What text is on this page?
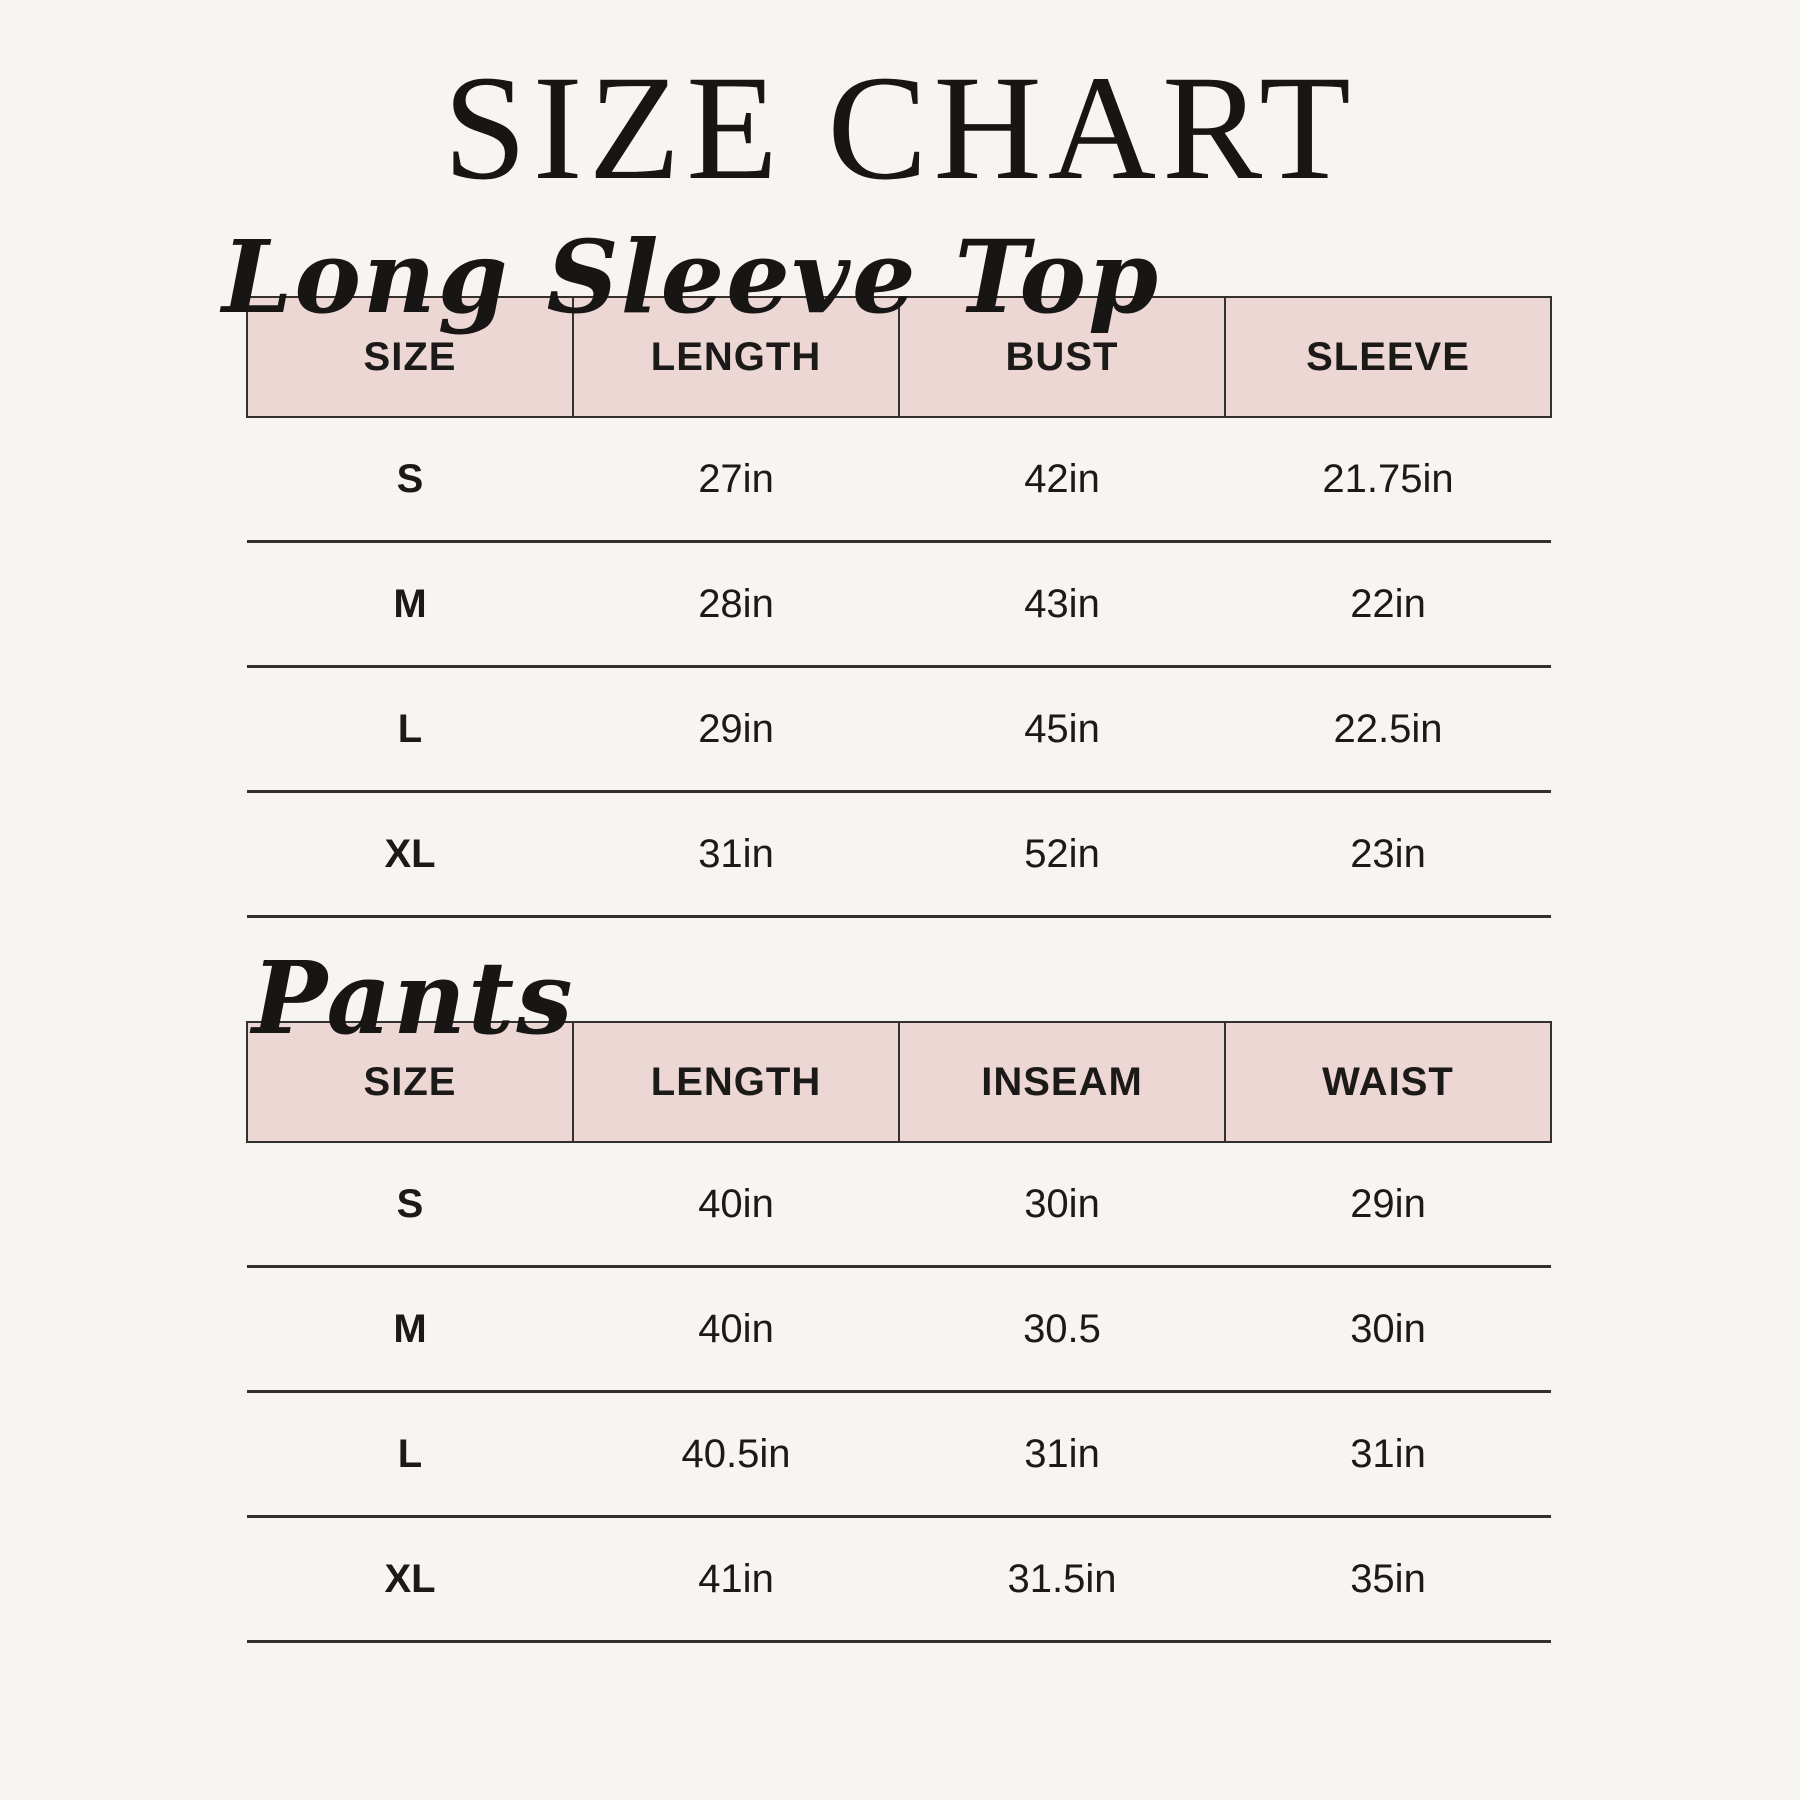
SIZE CHART
Long Sleeve Top
SIZE	LENGTH	BUST	SLEEVE
S	27in	42in	21.75in
M	28in	43in	22in
L	29in	45in	22.5in
XL	31in	52in	23in
Pants
SIZE	LENGTH	INSEAM	WAIST
S	40in	30in	29in
M	40in	30.5	30in
L	40.5in	31in	31in
XL	41in	31.5in	35in
